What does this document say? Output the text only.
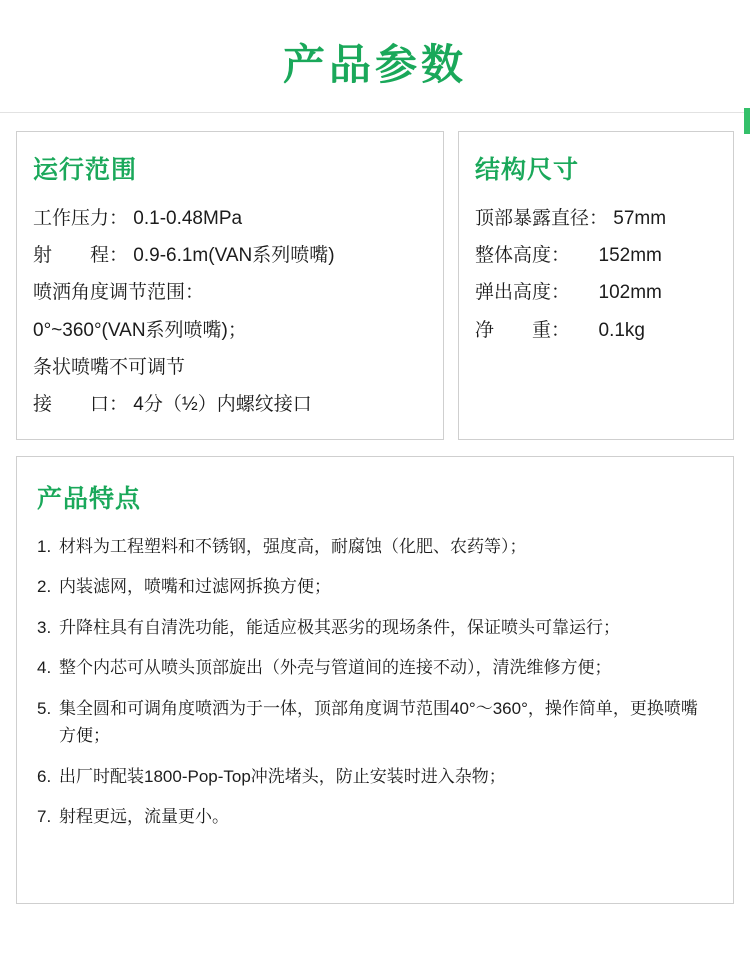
产品参数
运行范围
工作压力： 0.1-0.48MPa
射　　程： 0.9-6.1m(VAN系列喷嘴)
喷洒角度调节范围：
0°~360°(VAN系列喷嘴)；
条状喷嘴不可调节
接　　口： 4分（½）内螺纹接口
结构尺寸
顶部暴露直径： 57mm
整体高度：　　152mm
弹出高度：　　102mm
净　　重：　　0.1kg
产品特点
1. 材料为工程塑料和不锈钢，强度高，耐腐蚀（化肥、农药等）；
2. 内装滤网，喷嘴和过滤网拆换方便；
3. 升降柱具有自清洗功能，能适应极其恶劣的现场条件，保证喷头可靠运行；
4. 整个内芯可从喷头顶部旋出（外壳与管道间的连接不动），清洗维修方便；
5. 集全圆和可调角度喷洒为于一体，顶部角度调节范围40°～360°，操作简单，更换喷嘴方便；
6. 出厂时配装1800-Pop-Top冲洗堵头，防止安装时进入杂物；
7. 射程更远，流量更小。
